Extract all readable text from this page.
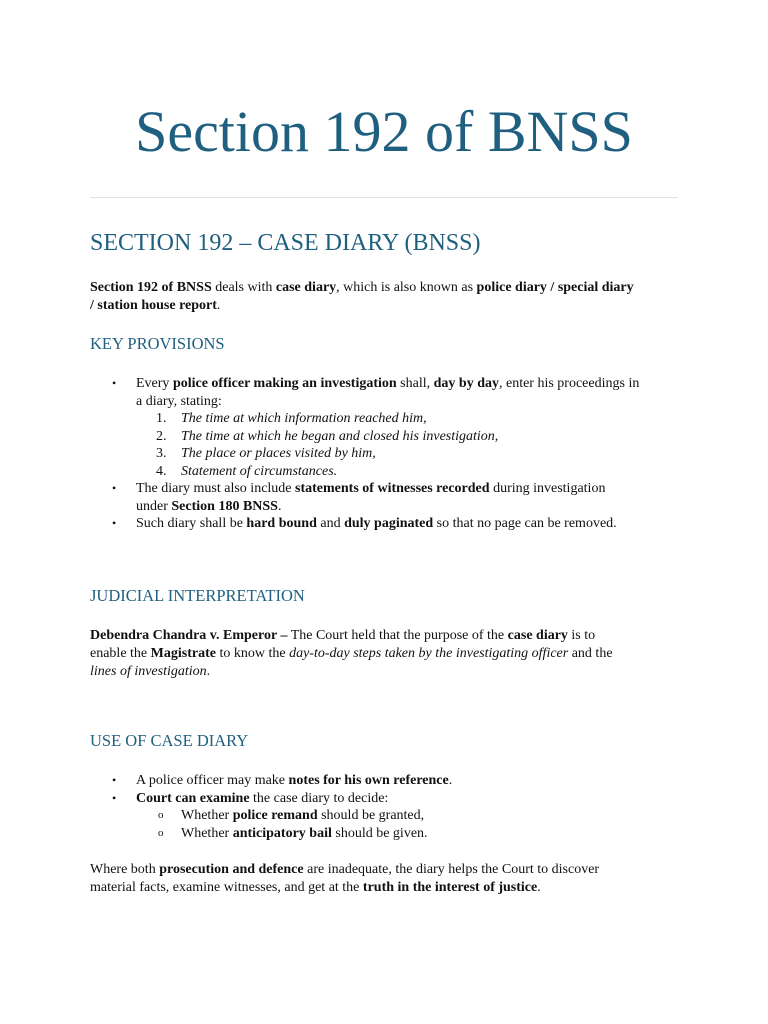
Section 192 of BNSS
SECTION 192 – CASE DIARY (BNSS)

Section 192 of BNSS deals with case diary, which is also known as police diary / special diary
/ station house report.

KEY PROVISIONS
• Every police officer making an investigation shall, day by day, enter his proceedings in
a diary, stating:
1.	The time at which information reached him,
2.	The time at which he began and closed his investigation,
3.	The place or places visited by him,
4.	Statement of circumstances.
• The diary must also include statements of witnesses recorded during investigation
under Section 180 BNSS.
• Such diary shall be hard bound and duly paginated so that no page can be removed.
JUDICIAL INTERPRETATION

Debendra Chandra v. Emperor – The Court held that the purpose of the case diary is to
enable the Magistrate to know the day-to-day steps taken by the investigating officer and the
lines of investigation.

USE OF CASE DIARY
• A police officer may make notes for his own reference.
• Court can examine the case diary to decide:
o Whether police remand should be granted,
o Whether anticipatory bail should be given.

Where both prosecution and defence are inadequate, the diary helps the Court to discover
material facts, examine witnesses, and get at the truth in the interest of justice.
